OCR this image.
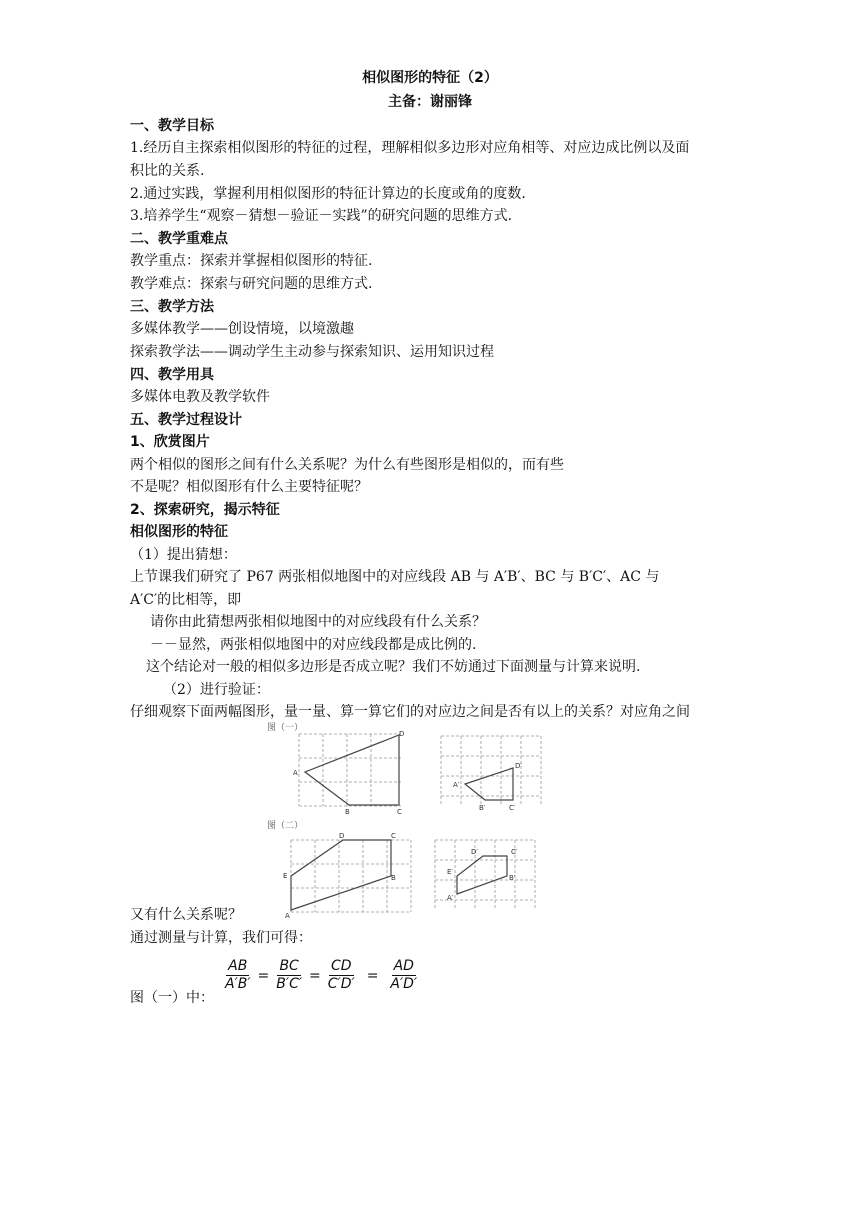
相似图形的特征（2）
主备：谢丽锋
一、教学目标
1.经历自主探索相似图形的特征的过程，理解相似多边形对应角相等、对应边成比例以及面
积比的关系.
2.通过实践，掌握利用相似图形的特征计算边的长度或角的度数.
3.培养学生“观察－猜想－验证－实践”的研究问题的思维方式.
二、教学重难点
教学重点：探索并掌握相似图形的特征.
教学难点：探索与研究问题的思维方式.
三、教学方法
多媒体教学——创设情境，以境激趣
探索教学法——调动学生主动参与探索知识、运用知识过程
四、教学用具
多媒体电教及教学软件
五、教学过程设计
1、欣赏图片
两个相似的图形之间有什么关系呢？为什么有些图形是相似的，而有些
不是呢？相似图形有什么主要特征呢？
2、探索研究，揭示特征
相似图形的特征
（1）提出猜想：
上节课我们研究了 P67 两张相似地图中的对应线段 AB 与 A′B′、BC 与 B′C′、AC 与
A′C′的比相等，即
请你由此猜想两张相似地图中的对应线段有什么关系？
－－显然，两张相似地图中的对应线段都是成比例的.
这个结论对一般的相似多边形是否成立呢？我们不妨通过下面测量与计算来说明.
（2）进行验证：
仔细观察下面两幅图形，量一量、算一算它们的对应边之间是否有以上的关系？对应角之间
图（一）
A
B	C
D
A′
B′	C′
D′
图（二）
A
B
C
D
E
A′
B′
C′
D′
E′
又有什么关系呢？
通过测量与计算，我们可得：
图（一）中：
$\frac{AB}{A'B'} = \frac{BC}{B'C'} = \frac{CD}{C'D'} = \frac{AD}{A'D'}$
